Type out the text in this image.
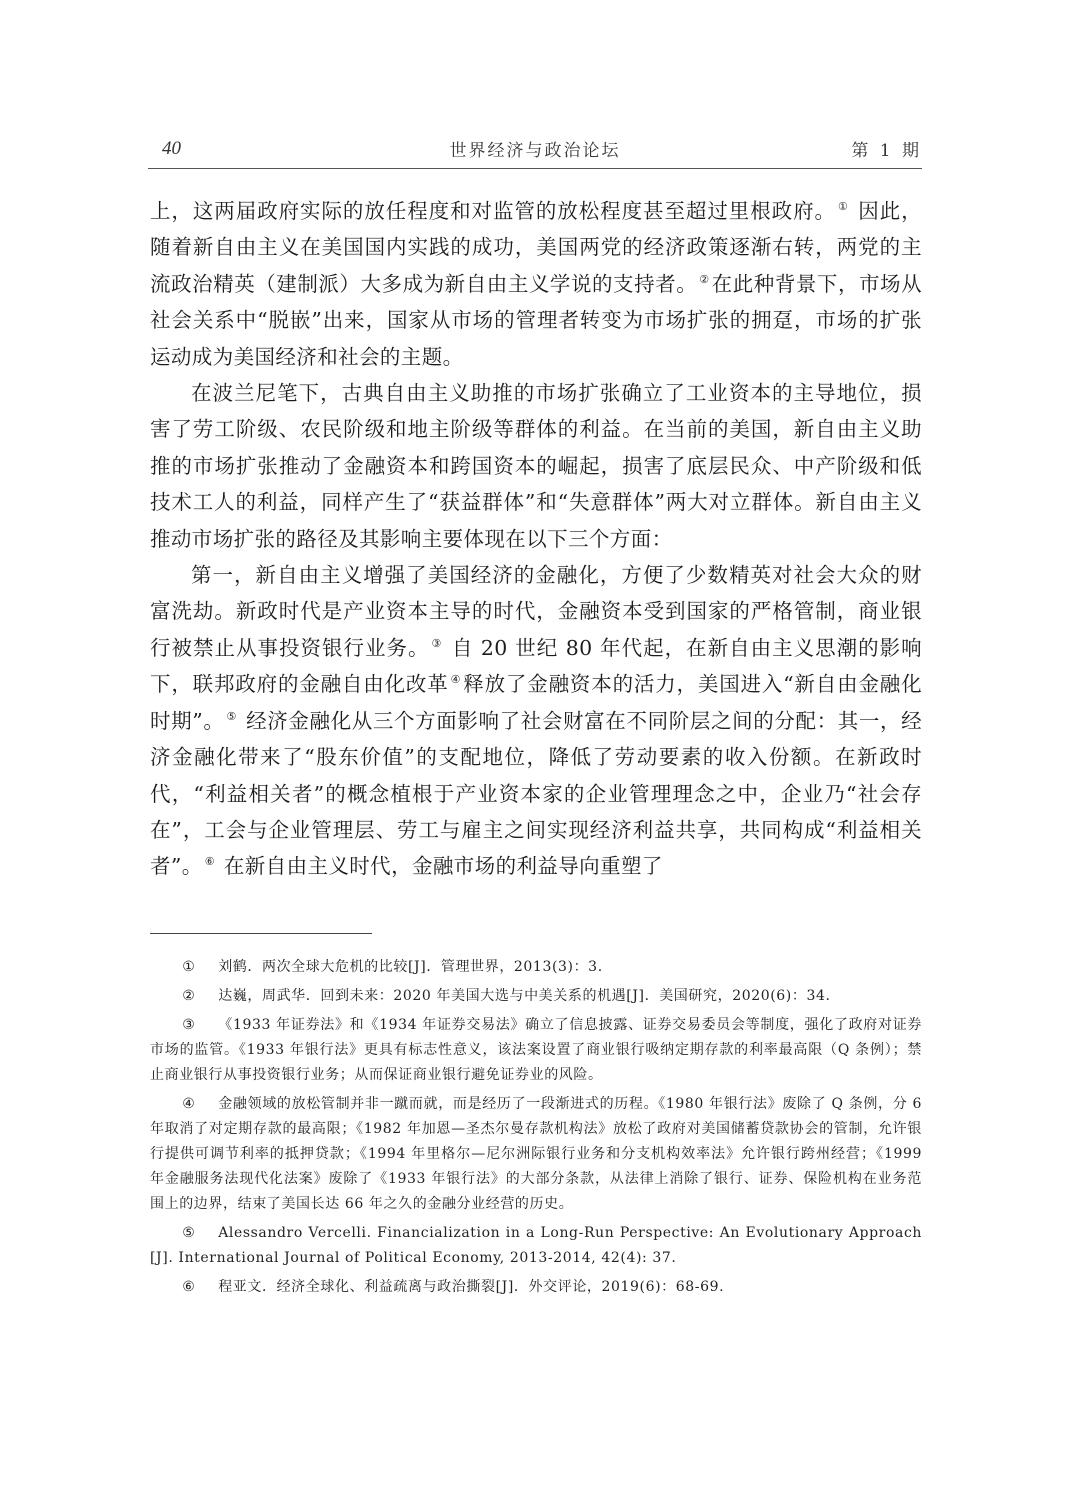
40	世界经济与政治论坛	第 1 期

上，这两届政府实际的放任程度和对监管的放松程度甚至超过里根政府。 ① 因此，随着新自由主义在美国国内实践的成功，美国两党的经济政策逐渐右转，两党的主流政治精英（建制派）大多成为新自由主义学说的支持者。 ②在此种背景下，市场从社会关系中“脱嵌”出来，国家从市场的管理者转变为市场扩张的拥趸，市场的扩张运动成为美国经济和社会的主题。

在波兰尼笔下，古典自由主义助推的市场扩张确立了工业资本的主导地位，损害了劳工阶级、农民阶级和地主阶级等群体的利益。在当前的美国，新自由主义助推的市场扩张推动了金融资本和跨国资本的崛起，损害了底层民众、中产阶级和低技术工人的利益，同样产生了“获益群体”和“失意群体”两大对立群体。新自由主义推动市场扩张的路径及其影响主要体现在以下三个方面：

第一，新自由主义增强了美国经济的金融化，方便了少数精英对社会大众的财富洗劫。新政时代是产业资本主导的时代，金融资本受到国家的严格管制，商业银行被禁止从事投资银行业务。 ③ 自 20 世纪 80 年代起，在新自由主义思潮的影响下，联邦政府的金融自由化改革 ④释放了金融资本的活力，美国进入“新自由金融化时期”。 ⑤ 经济金融化从三个方面影响了社会财富在不同阶层之间的分配：其一，经济金融化带来了“股东价值”的支配地位，降低了劳动要素的收入份额。在新政时代，“利益相关者”的概念植根于产业资本家的企业管理理念之中，企业乃“社会存在”，工会与企业管理层、劳工与雇主之间实现经济利益共享，共同构成“利益相关者”。 ⑥ 在新自由主义时代，金融市场的利益导向重塑了

① 刘鹤．两次全球大危机的比较[J]．管理世界，2013(3)：3.

② 达巍，周武华．回到未来：2020 年美国大选与中美关系的机遇[J]．美国研究，2020(6)：34.

③ 《1933 年证券法》和《1934 年证券交易法》确立了信息披露、证券交易委员会等制度，强化了政府对证券市场的监管。《1933 年银行法》更具有标志性意义，该法案设置了商业银行吸纳定期存款的利率最高限（Q 条例）；禁止商业银行从事投资银行业务；从而保证商业银行避免证券业的风险。

④ 金融领域的放松管制并非一蹴而就，而是经历了一段渐进式的历程。《1980 年银行法》废除了 Q 条例，分 6 年取消了对定期存款的最高限；《1982 年加恩—圣杰尔曼存款机构法》放松了政府对美国储蓄贷款协会的管制，允许银行提供可调节利率的抵押贷款；《1994 年里格尔—尼尔洲际银行业务和分支机构效率法》允许银行跨州经营；《1999 年金融服务法现代化法案》废除了《1933 年银行法》的大部分条款，从法律上消除了银行、证券、保险机构在业务范围上的边界，结束了美国长达 66 年之久的金融分业经营的历史。

⑤ Alessandro Vercelli. Financialization in a Long-Run Perspective: An Evolutionary Approach [J]. International Journal of Political Economy, 2013-2014, 42(4): 37.

⑥ 程亚文．经济全球化、利益疏离与政治撕裂[J]．外交评论，2019(6)：68-69.
